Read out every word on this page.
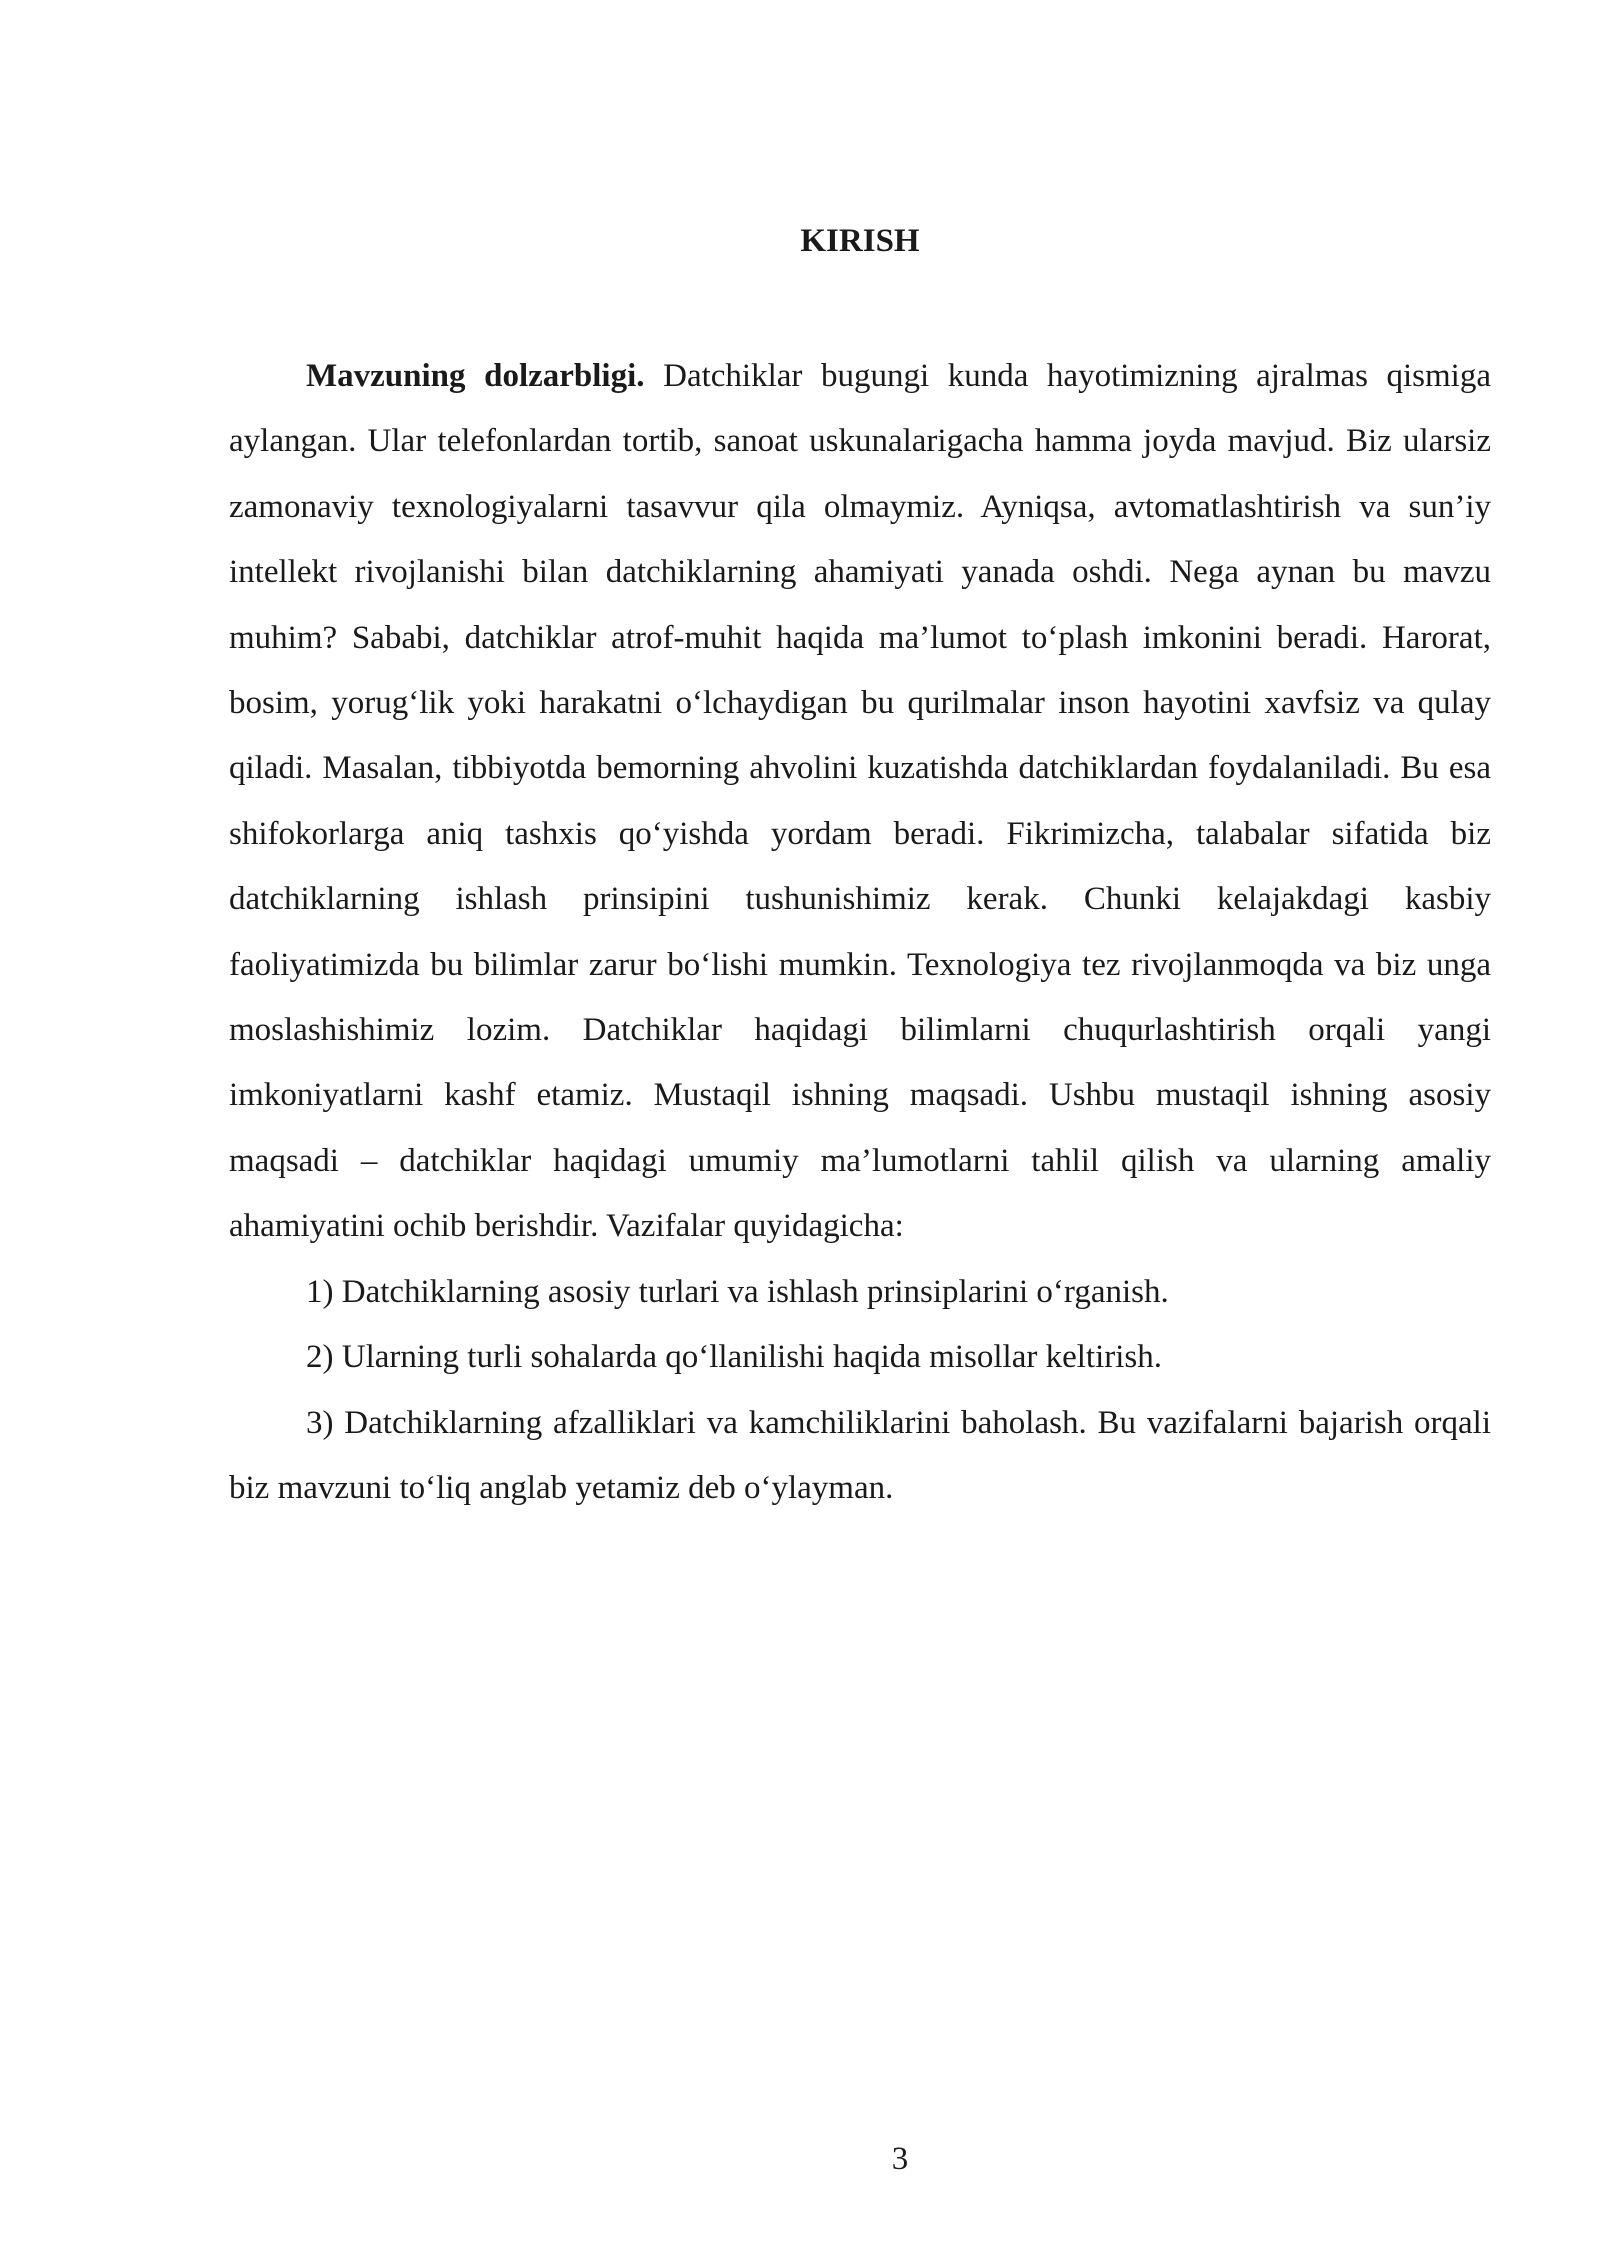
KIRISH

Mavzuning dolzarbligi. Datchiklar bugungi kunda hayotimizning ajralmas qismiga aylangan. Ular telefonlardan tortib, sanoat uskunalarigacha hamma joyda mavjud. Biz ularsiz zamonaviy texnologiyalarni tasavvur qila olmaymiz. Ayniqsa, avtomatlashtirish va sun’iy intellekt rivojlanishi bilan datchiklarning ahamiyati yanada oshdi. Nega aynan bu mavzu muhim? Sababi, datchiklar atrof-muhit haqida ma’lumot to‘plash imkonini beradi. Harorat, bosim, yorug‘lik yoki harakatni o‘lchaydigan bu qurilmalar inson hayotini xavfsiz va qulay qiladi. Masalan, tibbiyotda bemorning ahvolini kuzatishda datchiklardan foydalaniladi. Bu esa shifokorlarga aniq tashxis qo‘yishda yordam beradi. Fikrimizcha, talabalar sifatida biz datchiklarning ishlash prinsipini tushunishimiz kerak. Chunki kelajakdagi kasbiy faoliyatimizda bu bilimlar zarur bo‘lishi mumkin. Texnologiya tez rivojlanmoqda va biz unga moslashishimiz lozim. Datchiklar haqidagi bilimlarni chuqurlashtirish orqali yangi imkoniyatlarni kashf etamiz. Mustaqil ishning maqsadi. Ushbu mustaqil ishning asosiy maqsadi – datchiklar haqidagi umumiy ma’lumotlarni tahlil qilish va ularning amaliy ahamiyatini ochib berishdir. Vazifalar quyidagicha:

1) Datchiklarning asosiy turlari va ishlash prinsiplarini o‘rganish.

2) Ularning turli sohalarda qo‘llanilishi haqida misollar keltirish.

3) Datchiklarning afzalliklari va kamchiliklarini baholash. Bu vazifalarni bajarish orqali biz mavzuni to‘liq anglab yetamiz deb o‘ylayman.

3
